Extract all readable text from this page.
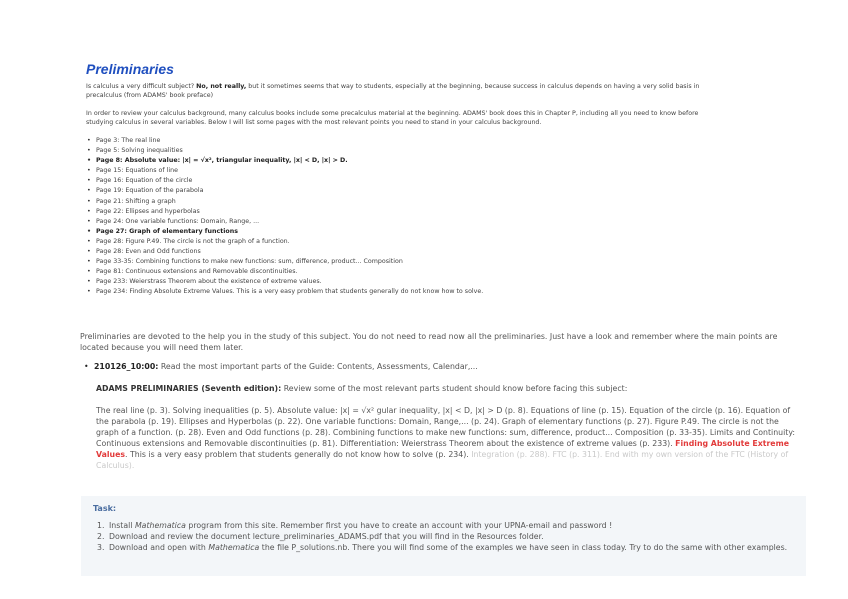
Preliminaries

Is calculus a very difficult subject? No, not really, but it sometimes seems that way to students, especially at the beginning, because success in calculus depends on having a very solid basis in precalculus (from ADAMS' book preface)

In order to review your calculus background, many calculus books include some precalculus material at the beginning. ADAMS' book does this in Chapter P, including all you need to know before studying calculus in several variables. Below I will list some pages with the most relevant points you need to stand in your calculus background.

• Page 3: The real line
• Page 5: Solving inequalities
• Page 8: Absolute value: |x| = √x², triangular inequality, |x| < D, |x| > D.
• Page 15: Equations of line
• Page 16: Equation of the circle
• Page 19: Equation of the parabola
• Page 21: Shifting a graph
• Page 22: Ellipses and hyperbolas
• Page 24: One variable functions: Domain, Range, ...
• Page 27: Graph of elementary functions
• Page 28: Figure P.49. The circle is not the graph of a function.
• Page 28: Even and Odd functions
• Page 33-35: Combining functions to make new functions: sum, difference, product... Composition
• Page 81: Continuous extensions and Removable discontinuities.
• Page 233: Weierstrass Theorem about the existence of extreme values.
• Page 234: Finding Absolute Extreme Values. This is a very easy problem that students generally do not know how to solve.

Preliminaries are devoted to the help you in the study of this subject. You do not need to read now all the preliminaries. Just have a look and remember where the main points are located because you will need them later.

• 210126_10:00: Read the most important parts of the Guide: Contents, Assessments, Calendar,...

ADAMS PRELIMINARIES (Seventh edition): Review some of the most relevant parts student should know before facing this subject:

The real line (p. 3). Solving inequalities (p. 5). Absolute value: |x| = √x² gular inequality, |x| < D, |x| > D (p. 8). Equations of line (p. 15). Equation of the circle (p. 16). Equation of the parabola (p. 19). Ellipses and Hyperbolas (p. 22). One variable functions: Domain, Range,... (p. 24). Graph of elementary functions (p. 27). Figure P.49. The circle is not the graph of a function. (p. 28). Even and Odd functions (p. 28). Combining functions to make new functions: sum, difference, product... Composition (p. 33-35). Limits and Continuity: Continuous extensions and Removable discontinuities (p. 81). Differentiation: Weierstrass Theorem about the existence of extreme values (p. 233). Finding Absolute Extreme Values. This is a very easy problem that students generally do not know how to solve (p. 234). Integration (p. 288). FTC (p. 311). End with my own version of the FTC (History of Calculus).

Task:
1. Install Mathematica program from this site. Remember first you have to create an account with your UPNA-email and password !
2. Download and review the document lecture_preliminaries_ADAMS.pdf that you will find in the Resources folder.
3. Download and open with Mathematica the file P_solutions.nb. There you will find some of the examples we have seen in class today. Try to do the same with other examples.
